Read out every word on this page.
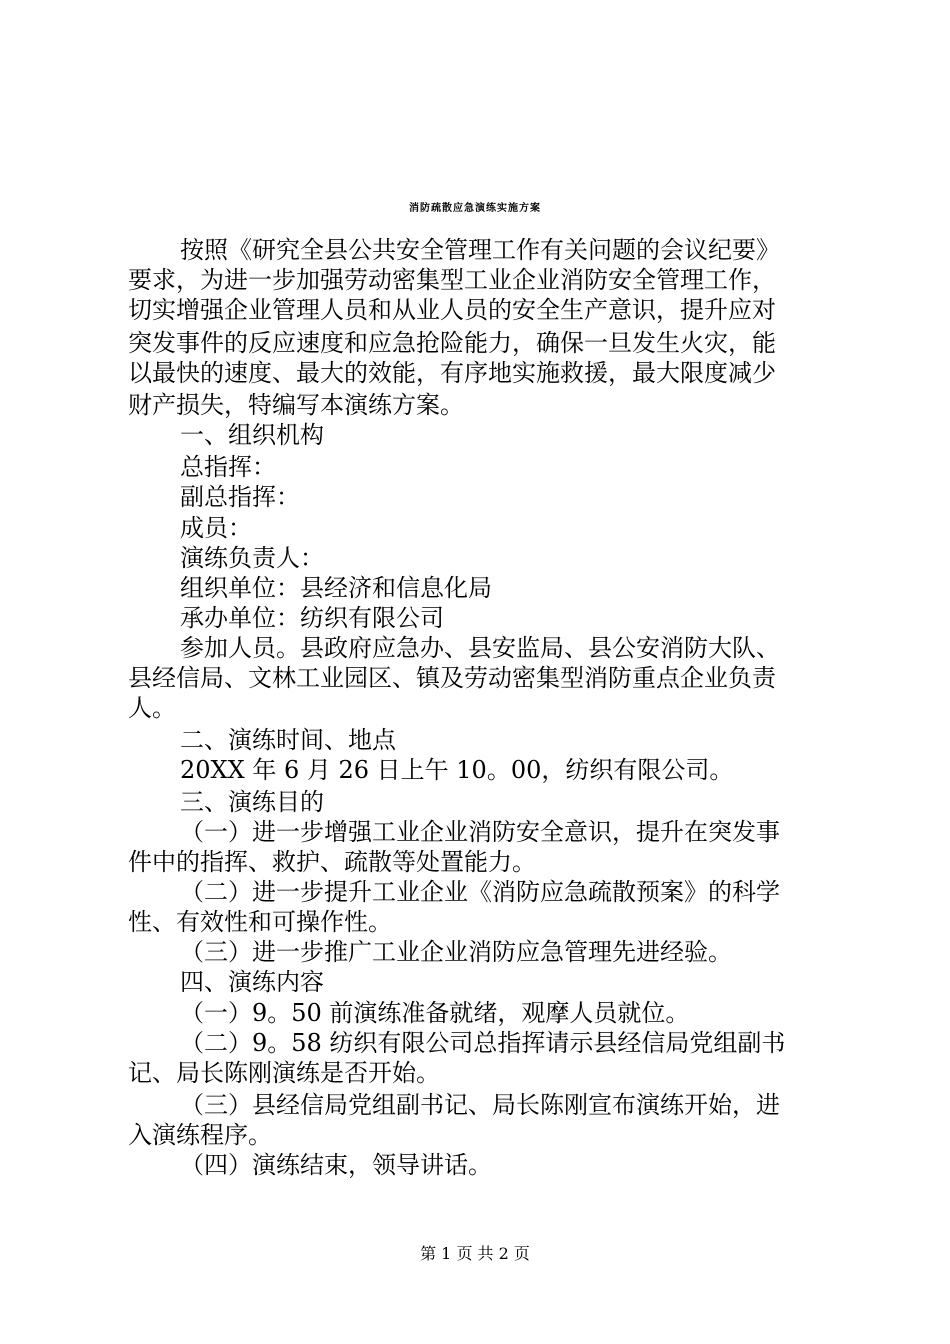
消防疏散应急演练实施方案
按照《研究全县公共安全管理工作有关问题的会议纪要》
要求，为进一步加强劳动密集型工业企业消防安全管理工作，
切实增强企业管理人员和从业人员的安全生产意识，提升应对
突发事件的反应速度和应急抢险能力，确保一旦发生火灾，能
以最快的速度、最大的效能，有序地实施救援，最大限度减少
财产损失，特编写本演练方案。
一、组织机构
总指挥：
副总指挥：
成员：
演练负责人：
组织单位：县经济和信息化局
承办单位：纺织有限公司
参加人员。县政府应急办、县安监局、县公安消防大队、
县经信局、文林工业园区、镇及劳动密集型消防重点企业负责
人。
二、演练时间、地点
20XX 年 6 月 26 日上午 10。00，纺织有限公司。
三、演练目的
（一）进一步增强工业企业消防安全意识，提升在突发事
件中的指挥、救护、疏散等处置能力。
（二）进一步提升工业企业《消防应急疏散预案》的科学
性、有效性和可操作性。
（三）进一步推广工业企业消防应急管理先进经验。
四、演练内容
（一）9。50 前演练准备就绪，观摩人员就位。
（二）9。58 纺织有限公司总指挥请示县经信局党组副书
记、局长陈刚演练是否开始。
（三）县经信局党组副书记、局长陈刚宣布演练开始，进
入演练程序。
（四）演练结束，领导讲话。
第 1 页 共 2 页
